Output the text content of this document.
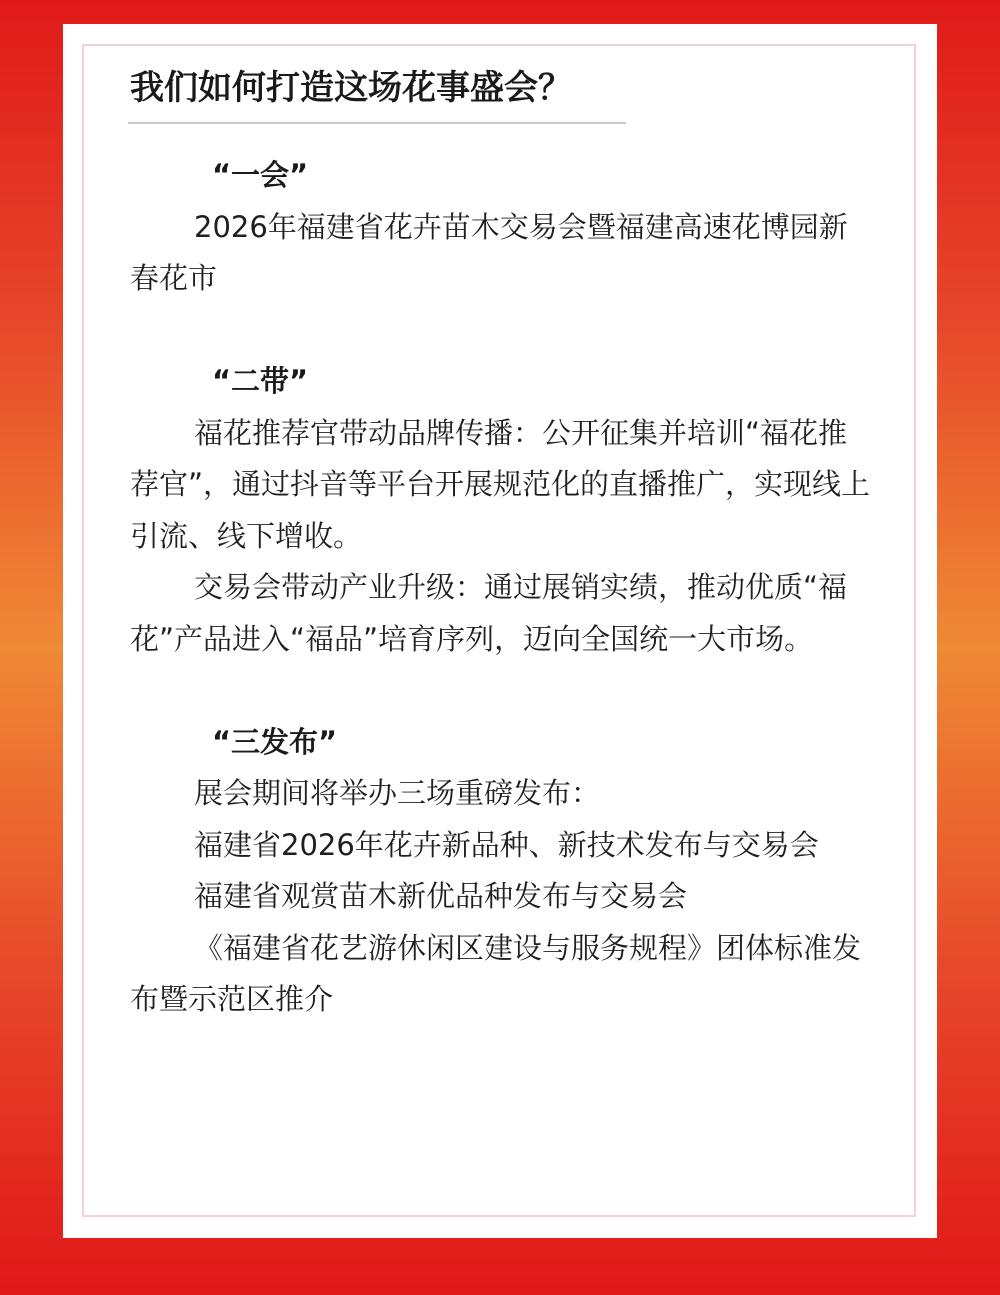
我们如何打造这场花事盛会？

“一会”

2026年福建省花卉苗木交易会暨福建高速花博园新春花市

“二带”

福花推荐官带动品牌传播：公开征集并培训“福花推荐官”，通过抖音等平台开展规范化的直播推广，实现线上引流、线下增收。

交易会带动产业升级：通过展销实绩，推动优质“福花”产品进入“福品”培育序列，迈向全国统一大市场。

“三发布”

展会期间将举办三场重磅发布：

福建省2026年花卉新品种、新技术发布与交易会

福建省观赏苗木新优品种发布与交易会

《福建省花艺游休闲区建设与服务规程》团体标准发布暨示范区推介
